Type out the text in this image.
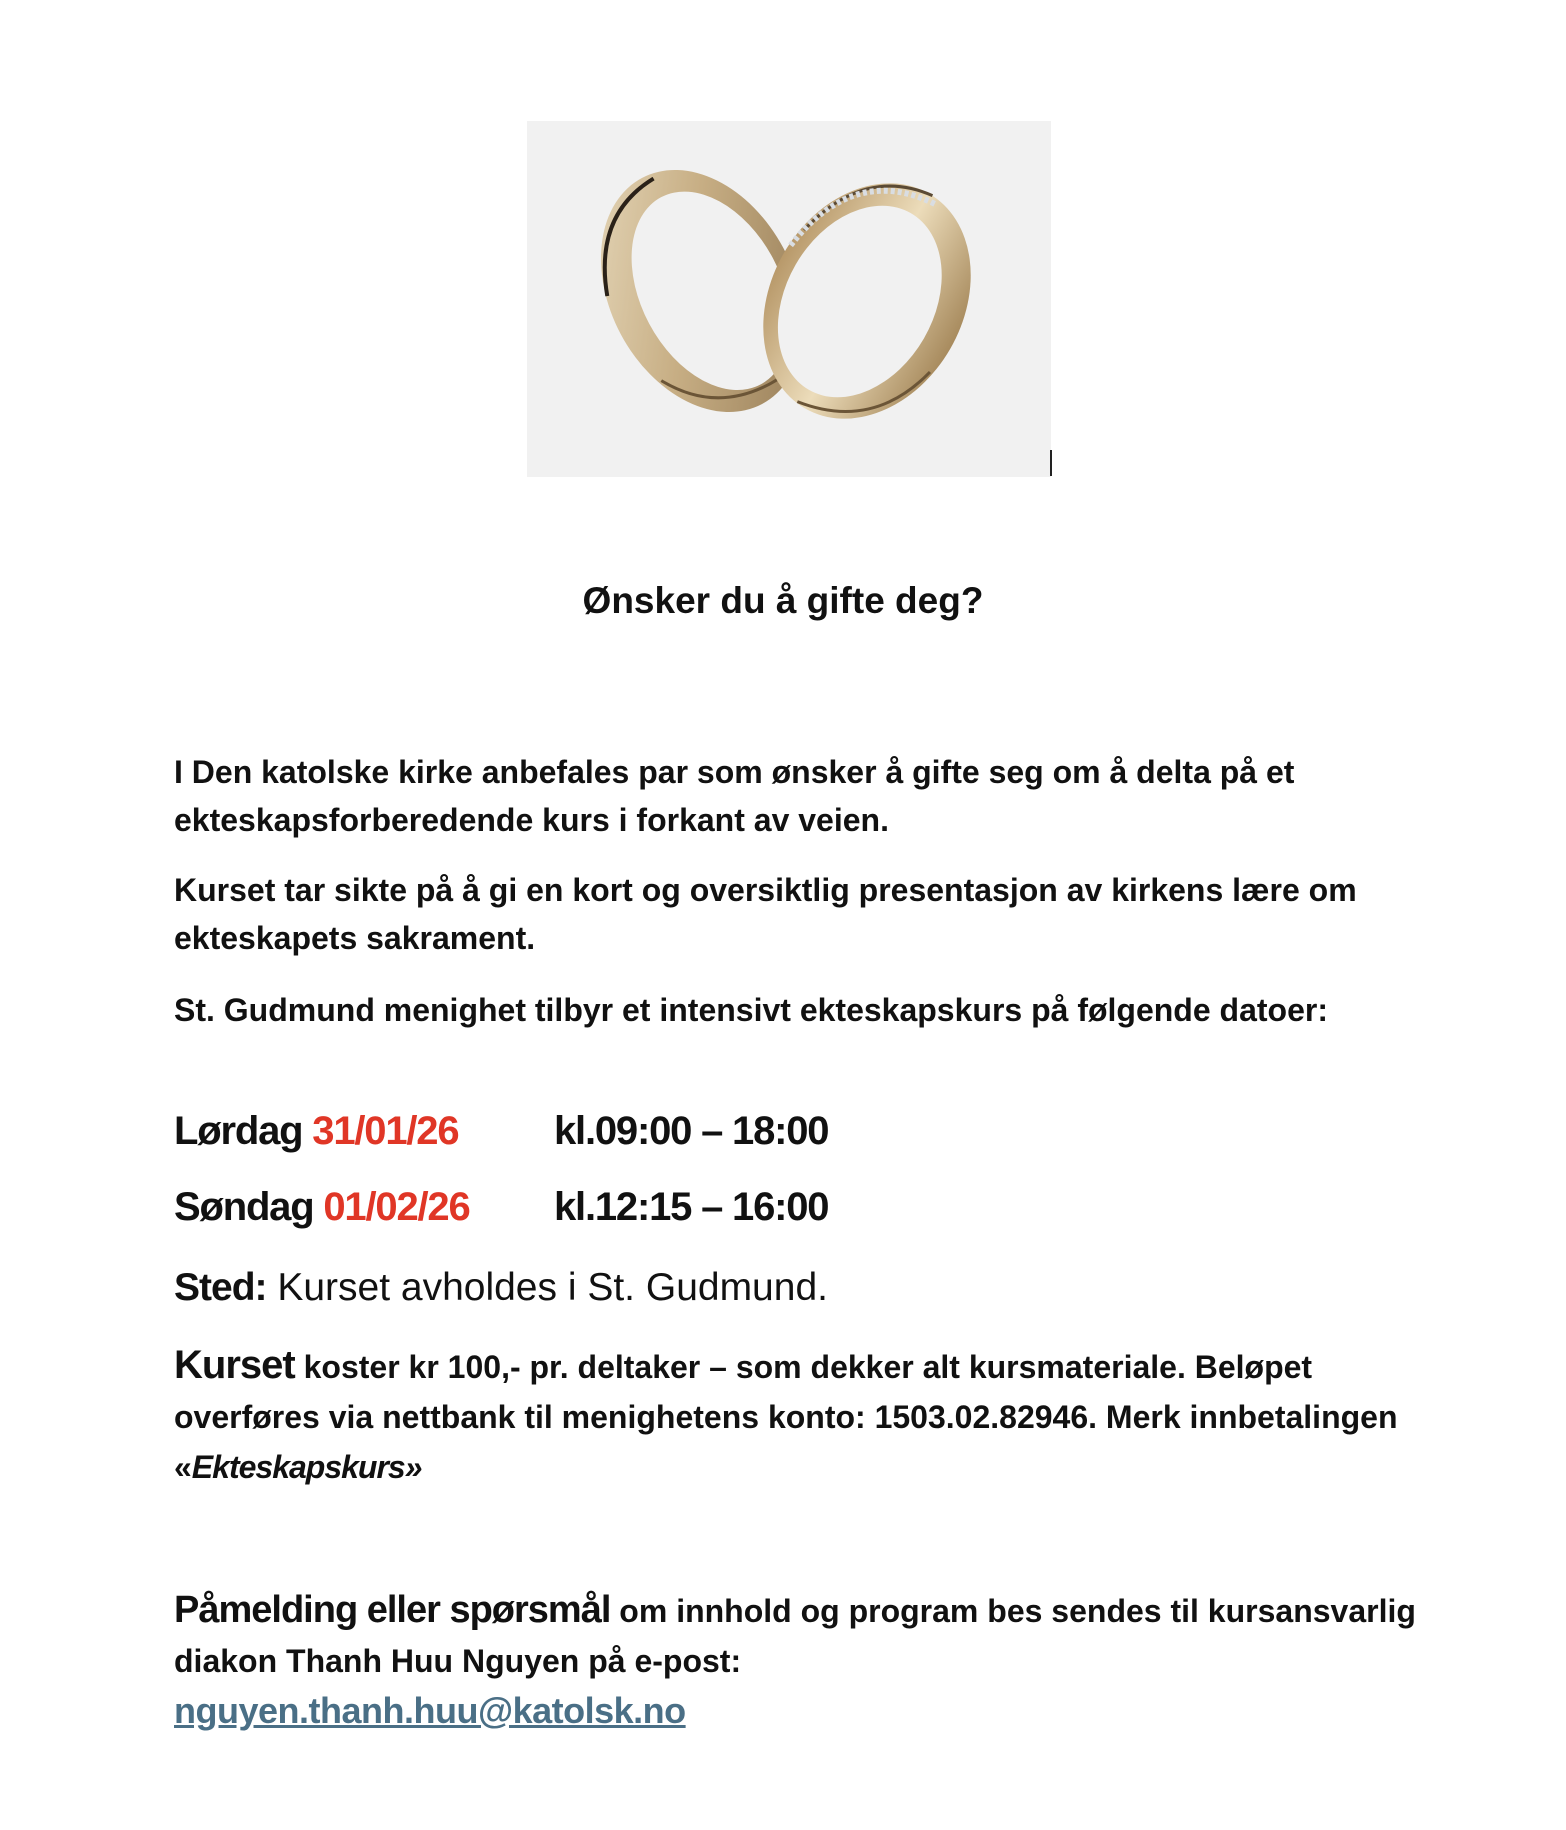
Ønsker du å gifte deg?

I Den katolske kirke anbefales par som ønsker å gifte seg om å delta på et ekteskapsforberedende kurs i forkant av veien.

Kurset tar sikte på å gi en kort og oversiktlig presentasjon av kirkens lære om ekteskapets sakrament.

St. Gudmund menighet tilbyr et intensivt ekteskapskurs på følgende datoer:

Lørdag 31/01/26 kl.09:00 – 18:00
Søndag 01/02/26 kl.12:15 – 16:00
Sted: Kurset avholdes i St. Gudmund.
Kurset koster kr 100,- pr. deltaker – som dekker alt kursmateriale. Beløpet overføres via nettbank til menighetens konto: 1503.02.82946. Merk innbetalingen «Ekteskapskurs»
Påmelding eller spørsmål om innhold og program bes sendes til kursansvarlig diakon Thanh Huu Nguyen på e-post:
nguyen.thanh.huu@katolsk.no
